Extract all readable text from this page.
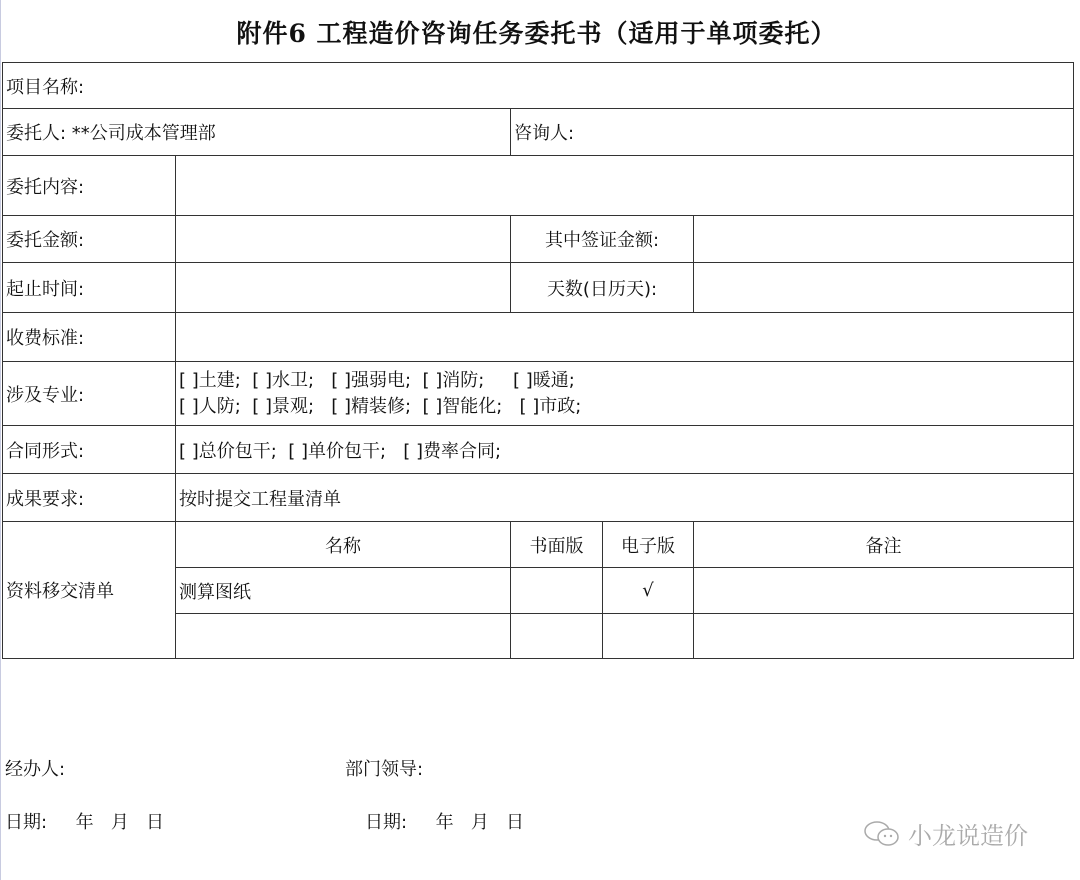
附件6 工程造价咨询任务委托书（适用于单项委托）
项目名称:				
委托人: **公司成本管理部		咨询人:		
委托内容:				
委托金额:		其中签证金额:		
起止时间:		天数(日历天):		
收费标准:				
涉及专业:	[ ]土建;  [ ]水卫;   [ ]强弱电;  [ ]消防;     [ ]暖通;
[ ]人防;  [ ]景观;   [ ]精装修;  [ ]智能化;   [ ]市政;			

合同形式:	[ ]总价包干;  [ ]单价包干;   [ ]费率合同;			
成果要求:	按时提交工程量清单			
资料移交清单	名称	书面版	电子版	备注
	测算图纸		√	

经办人:	部门领导:
日期:     年   月   日	日期:     年   月   日	小龙说造价
